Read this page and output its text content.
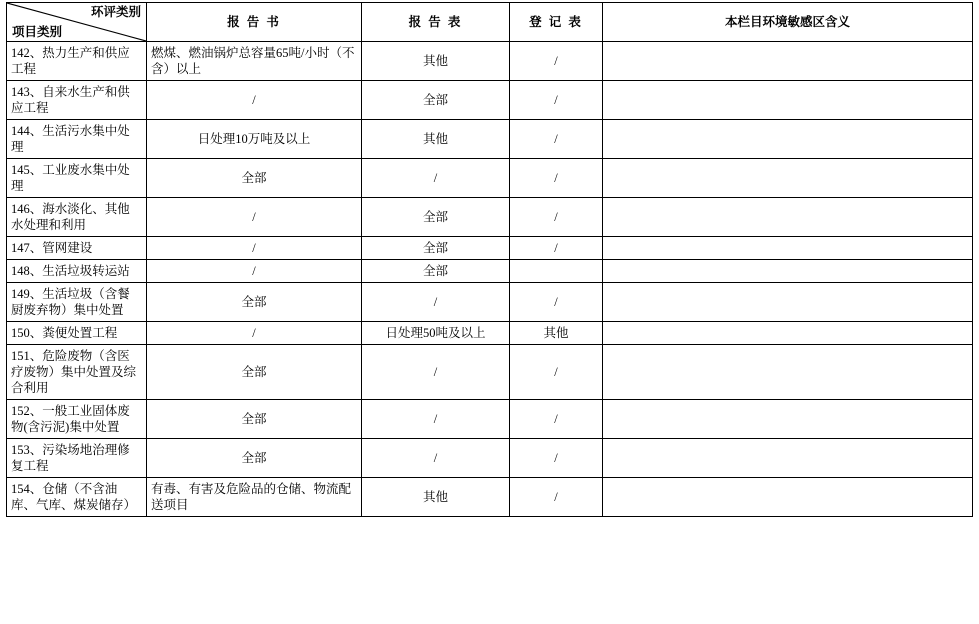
环评类别
项目类别	报 告 书	报 告 表	登 记 表	本栏目环境敏感区含义
142、热力生产和供应工程	燃煤、燃油锅炉总容量65吨/小时（不含）以上	其他	/	
143、自来水生产和供应工程	/	全部	/	
144、生活污水集中处理	日处理10万吨及以上	其他	/	
145、工业废水集中处理	全部	/	/	
146、海水淡化、其他水处理和利用	/	全部	/	
147、管网建设	/	全部	/	
148、生活垃圾转运站	/	全部		
149、生活垃圾（含餐厨废弃物）集中处置	全部	/	/	
150、粪便处置工程	/	日处理50吨及以上	其他	
151、危险废物（含医疗废物）集中处置及综合利用	全部	/	/	
152、一般工业固体废物(含污泥)集中处置	全部	/	/	
153、污染场地治理修复工程	全部	/	/	
154、仓储（不含油库、气库、煤炭储存）	有毒、有害及危险品的仓储、物流配送项目	其他	/	
